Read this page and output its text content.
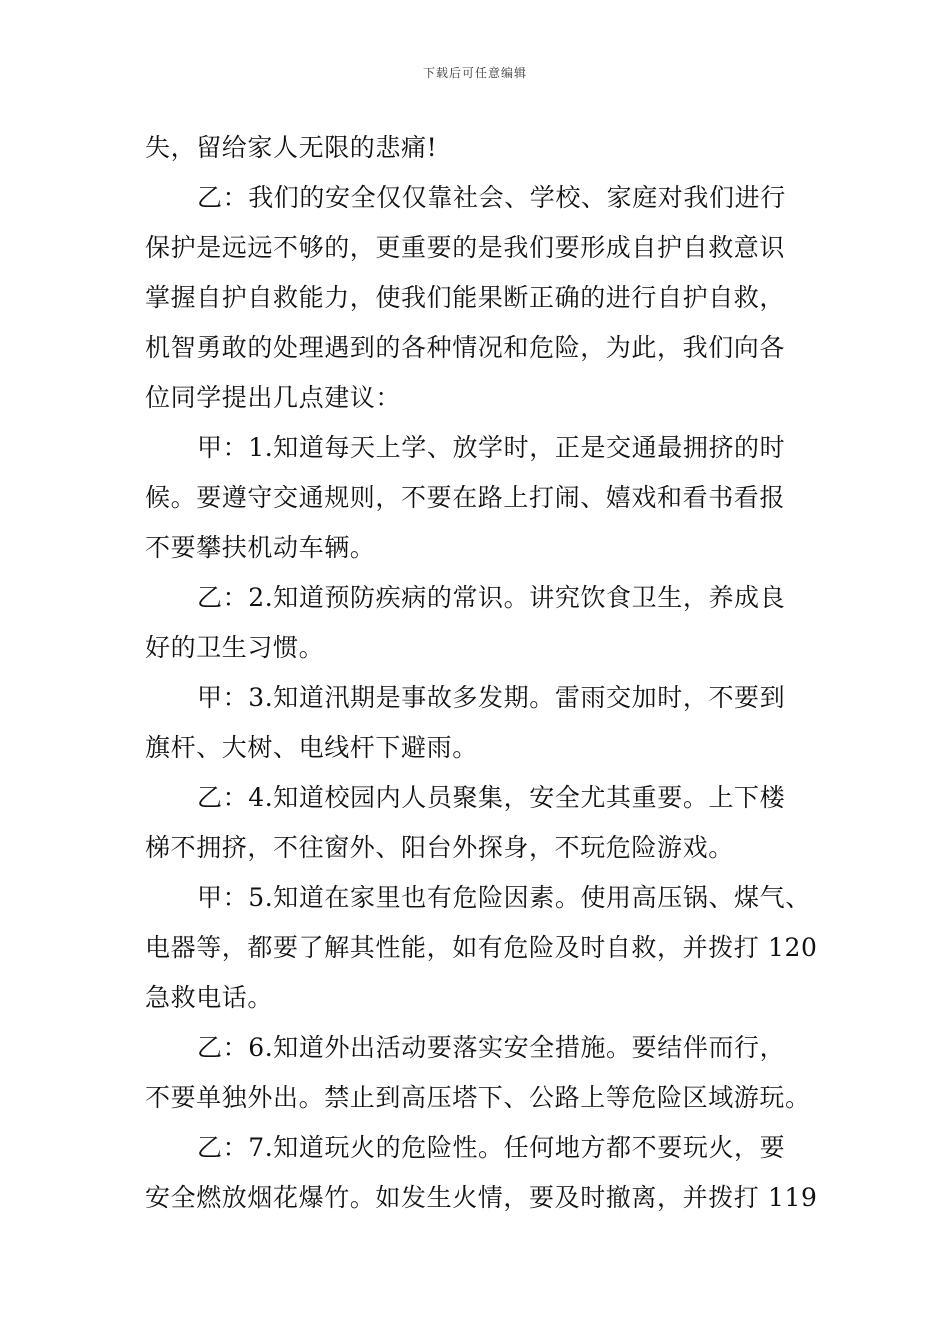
下载后可任意编辑
失，留给家人无限的悲痛!
乙：我们的安全仅仅靠社会、学校、家庭对我们进行
保护是远远不够的，更重要的是我们要形成自护自救意识
掌握自护自救能力，使我们能果断正确的进行自护自救，
机智勇敢的处理遇到的各种情况和危险，为此，我们向各
位同学提出几点建议：
甲：1.知道每天上学、放学时，正是交通最拥挤的时
候。要遵守交通规则，不要在路上打闹、嬉戏和看书看报
不要攀扶机动车辆。
乙：2.知道预防疾病的常识。讲究饮食卫生，养成良
好的卫生习惯。
甲：3.知道汛期是事故多发期。雷雨交加时，不要到
旗杆、大树、电线杆下避雨。
乙：4.知道校园内人员聚集，安全尤其重要。上下楼
梯不拥挤，不往窗外、阳台外探身，不玩危险游戏。
甲：5.知道在家里也有危险因素。使用高压锅、煤气、
电器等，都要了解其性能，如有危险及时自救，并拨打 120
急救电话。
乙：6.知道外出活动要落实安全措施。要结伴而行，
不要单独外出。禁止到高压塔下、公路上等危险区域游玩。
乙：7.知道玩火的危险性。任何地方都不要玩火，要
安全燃放烟花爆竹。如发生火情，要及时撤离，并拨打 119
